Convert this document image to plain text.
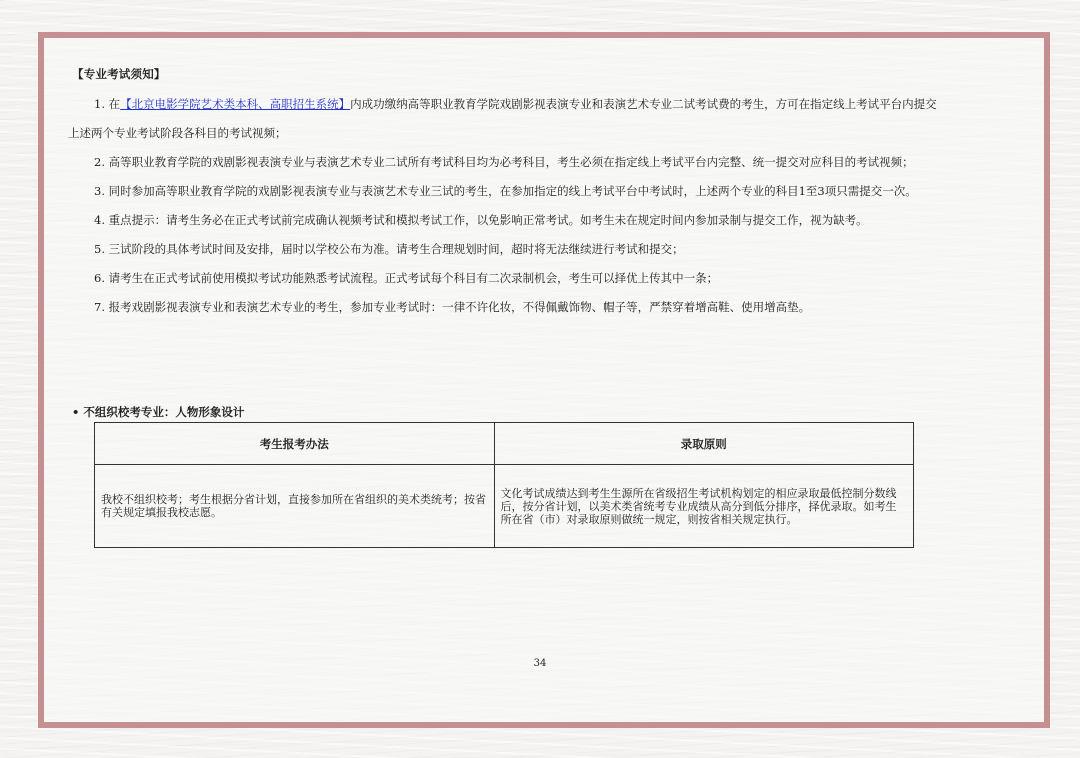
【专业考试须知】

1. 在【北京电影学院艺术类本科、高职招生系统】内成功缴纳高等职业教育学院戏剧影视表演专业和表演艺术专业二试考试费的考生，方可在指定线上考试平台内提交上述两个专业考试阶段各科目的考试视频；

2. 高等职业教育学院的戏剧影视表演专业与表演艺术专业二试所有考试科目均为必考科目，考生必须在指定线上考试平台内完整、统一提交对应科目的考试视频；

3. 同时参加高等职业教育学院的戏剧影视表演专业与表演艺术专业三试的考生，在参加指定的线上考试平台中考试时，上述两个专业的科目1至3项只需提交一次。

4. 重点提示：请考生务必在正式考试前完成确认视频考试和模拟考试工作，以免影响正常考试。如考生未在规定时间内参加录制与提交工作，视为缺考。

5. 三试阶段的具体考试时间及安排，届时以学校公布为准。请考生合理规划时间，超时将无法继续进行考试和提交；

6. 请考生在正式考试前使用模拟考试功能熟悉考试流程。正式考试每个科目有二次录制机会，考生可以择优上传其中一条；

7. 报考戏剧影视表演专业和表演艺术专业的考生，参加专业考试时：一律不许化妆，不得佩戴饰物、帽子等，严禁穿着增高鞋、使用增高垫。

• 不组织校考专业：人物形象设计
考生报考办法	录取原则
我校不组织校考；考生根据分省计划，直接参加所在省组织的美术类统考；按省有关规定填报我校志愿。	文化考试成绩达到考生生源所在省级招生考试机构划定的相应录取最低控制分数线后，按分省计划，以美术类省统考专业成绩从高分到低分排序，择优录取。如考生所在省（市）对录取原则做统一规定，则按省相关规定执行。
34
